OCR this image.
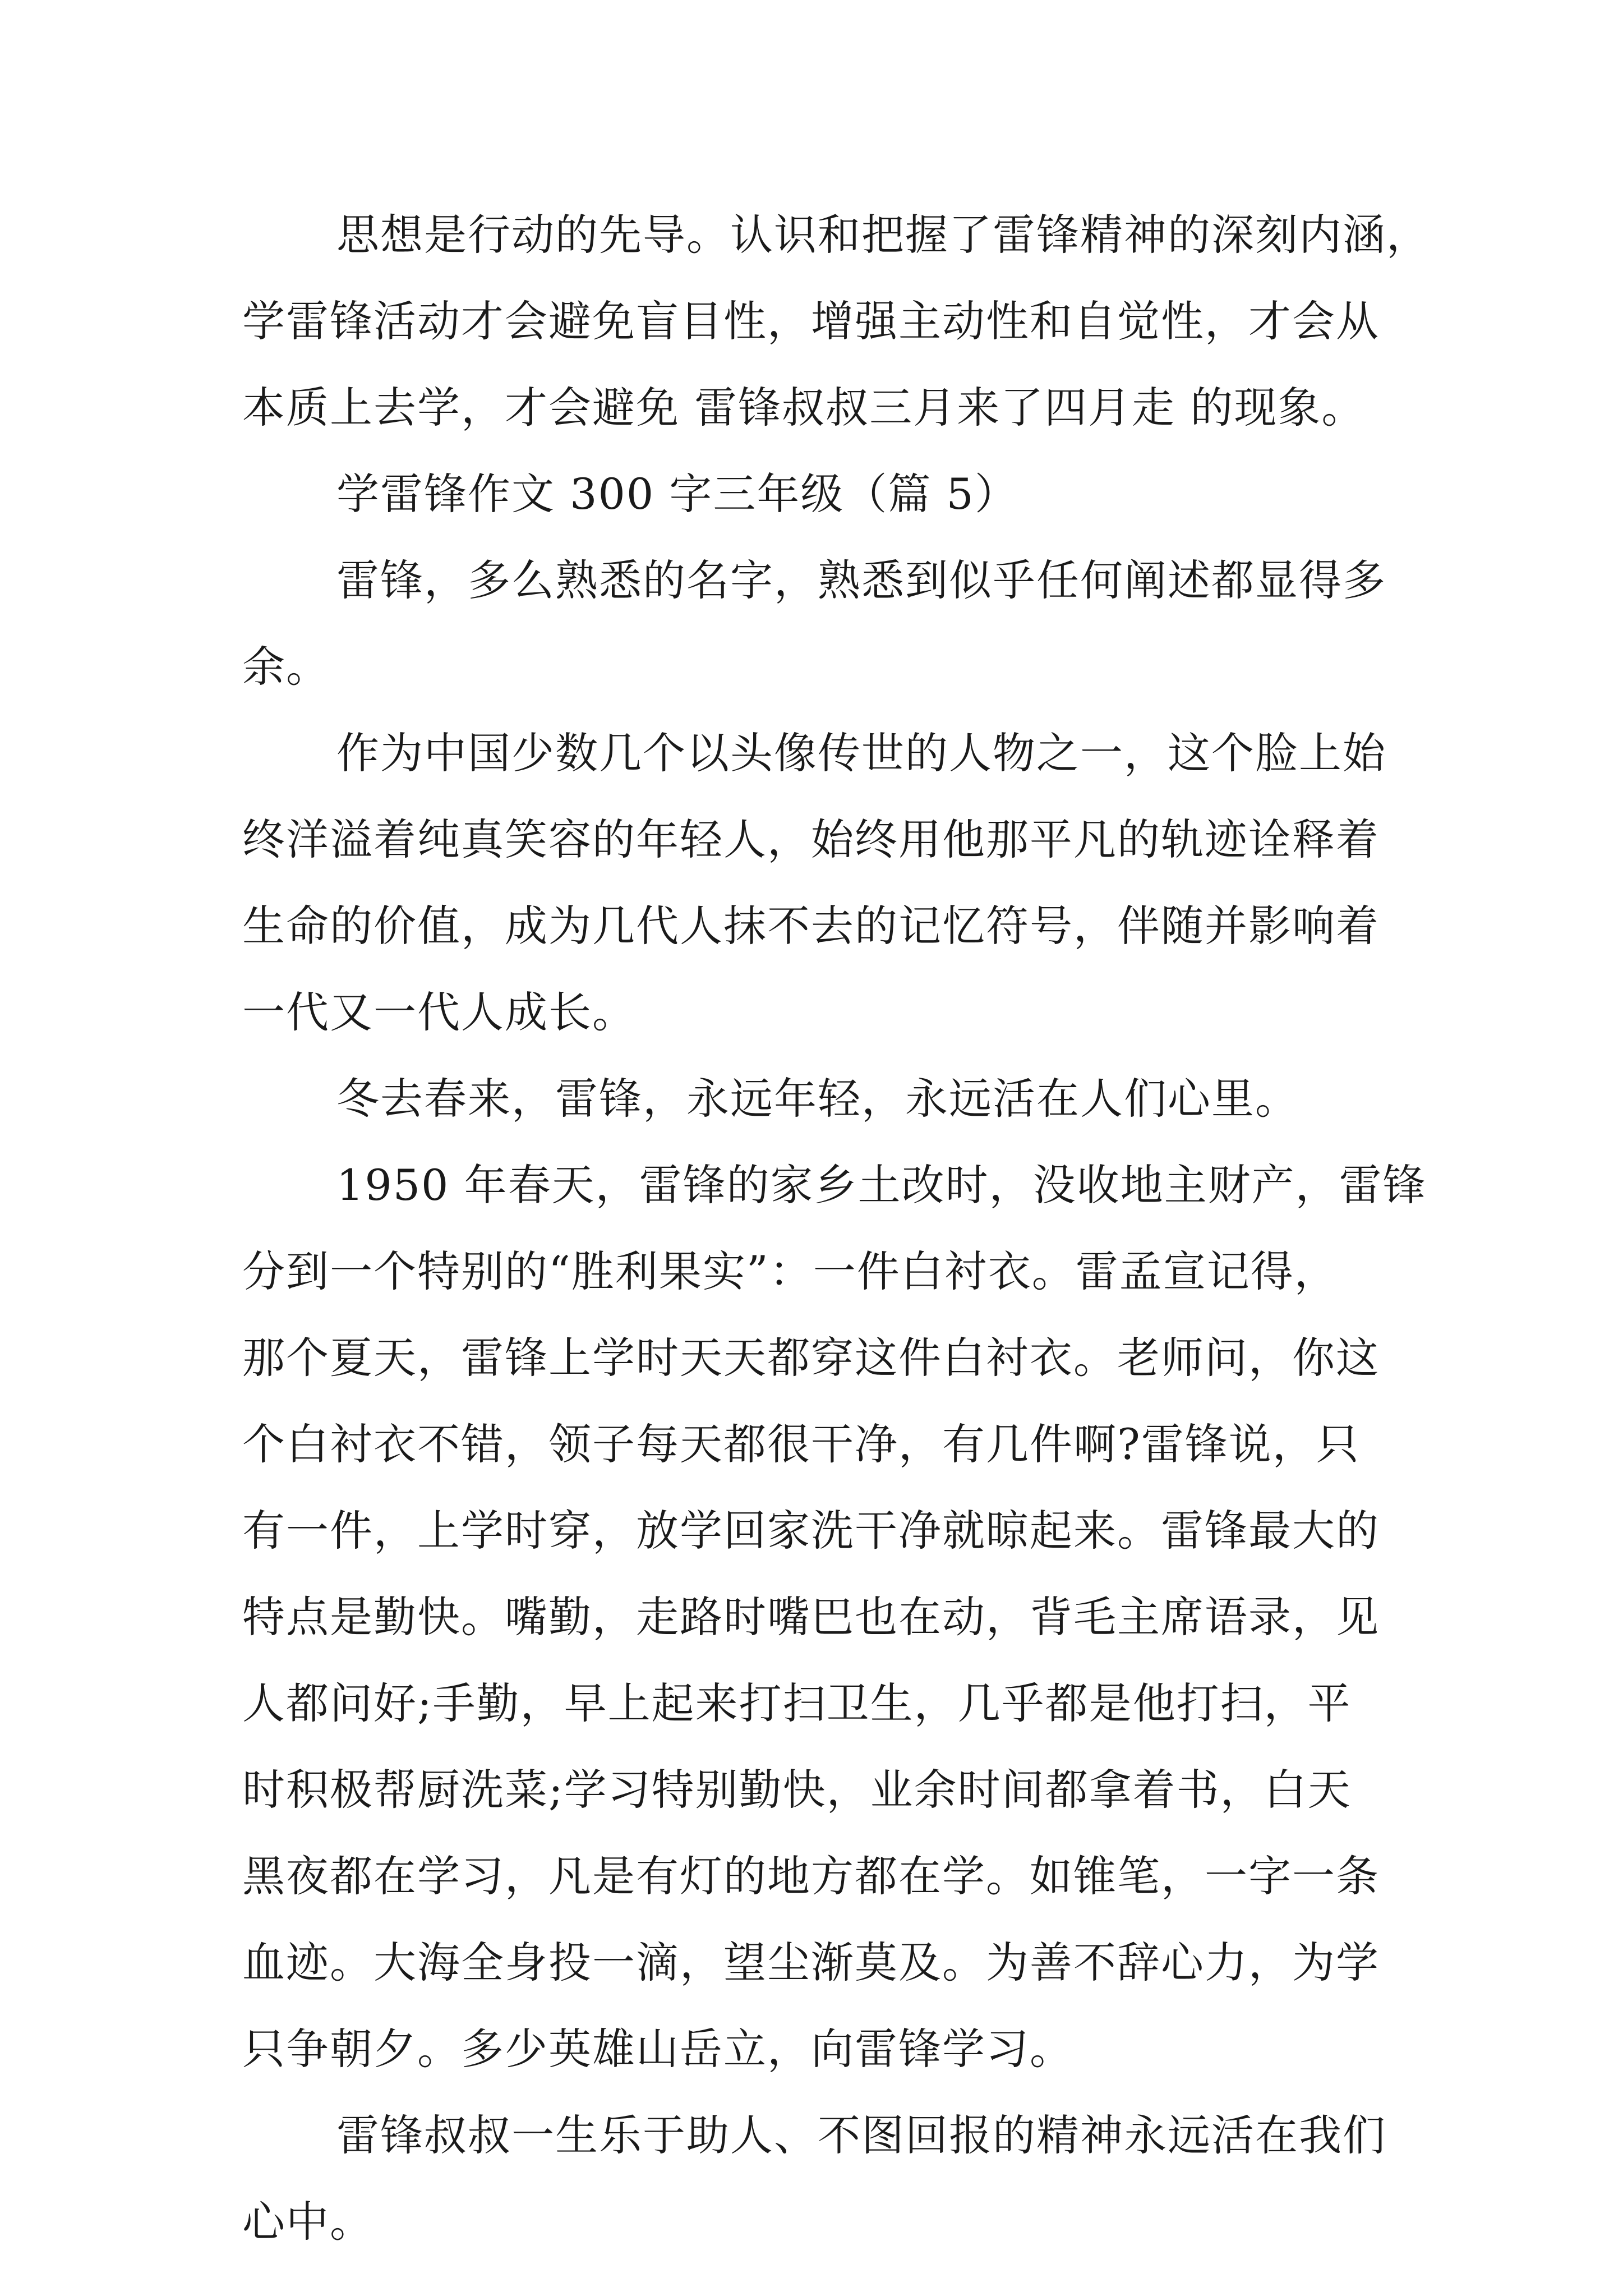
思想是行动的先导。认识和把握了雷锋精神的深刻内涵，
学雷锋活动才会避免盲目性，增强主动性和自觉性，才会从
本质上去学，才会避免 雷锋叔叔三月来了四月走 的现象。
学雷锋作文 300 字三年级（篇 5）
雷锋，多么熟悉的名字，熟悉到似乎任何阐述都显得多
余。
作为中国少数几个以头像传世的人物之一，这个脸上始
终洋溢着纯真笑容的年轻人，始终用他那平凡的轨迹诠释着
生命的价值，成为几代人抹不去的记忆符号，伴随并影响着
一代又一代人成长。
冬去春来，雷锋，永远年轻，永远活在人们心里。
1950 年春天，雷锋的家乡土改时，没收地主财产，雷锋
分到一个特别的“胜利果实”：一件白衬衣。雷孟宣记得，
那个夏天，雷锋上学时天天都穿这件白衬衣。老师问，你这
个白衬衣不错，领子每天都很干净，有几件啊?雷锋说，只
有一件，上学时穿，放学回家洗干净就晾起来。雷锋最大的
特点是勤快。嘴勤，走路时嘴巴也在动，背毛主席语录，见
人都问好;手勤，早上起来打扫卫生，几乎都是他打扫，平
时积极帮厨洗菜;学习特别勤快，业余时间都拿着书，白天
黑夜都在学习，凡是有灯的地方都在学。如锥笔，一字一条
血迹。大海全身投一滴，望尘渐莫及。为善不辞心力，为学
只争朝夕。多少英雄山岳立，向雷锋学习。
雷锋叔叔一生乐于助人、不图回报的精神永远活在我们
心中。
